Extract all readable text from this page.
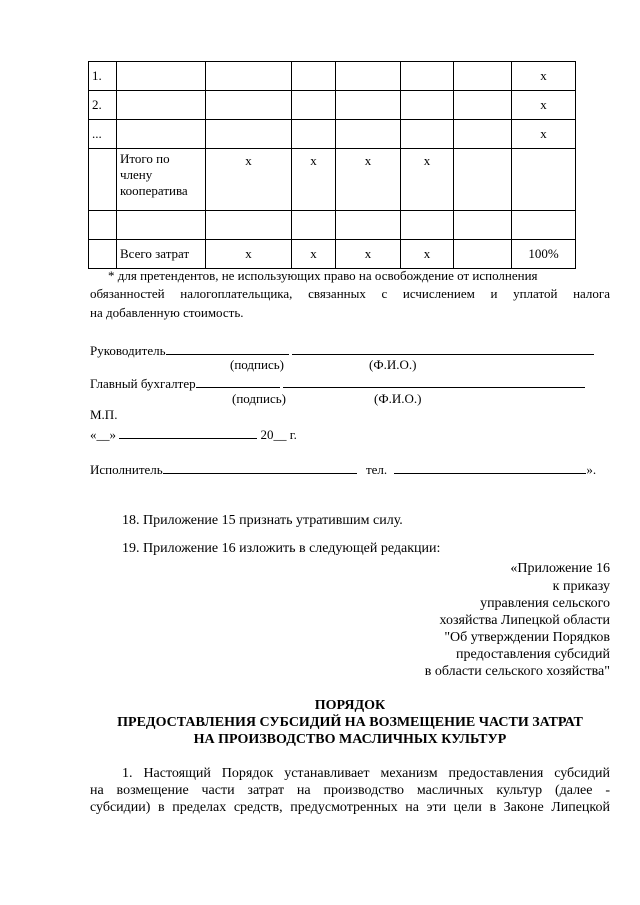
1.							x
2.							x
...							x
	Итого по члену кооператива	x	x	x	x		

	Всего затрат	x	x	x	x		100%
* для претендентов, не использующих право на освобождение от исполнения
обязанностей налогоплательщика, связанных с исчислением и уплатой налога
на добавленную стоимость.
Руководитель
(подпись)	(Ф.И.О.)
Главный бухгалтер
(подпись)	(Ф.И.О.)
М.П.
«__»	20__ г.
Исполнитель	тел.	».
18. Приложение 15 признать утратившим силу.
19. Приложение 16 изложить в следующей редакции:
«Приложение 16
к приказу
управления сельского
хозяйства Липецкой области
"Об утверждении Порядков
предоставления субсидий
в области сельского хозяйства"
ПОРЯДОК
ПРЕДОСТАВЛЕНИЯ СУБСИДИЙ НА ВОЗМЕЩЕНИЕ ЧАСТИ ЗАТРАТ
НА ПРОИЗВОДСТВО МАСЛИЧНЫХ КУЛЬТУР
1. Настоящий Порядок устанавливает механизм предоставления субсидий
на возмещение части затрат на производство масличных культур (далее -
субсидии) в пределах средств, предусмотренных на эти цели в Законе Липецкой
